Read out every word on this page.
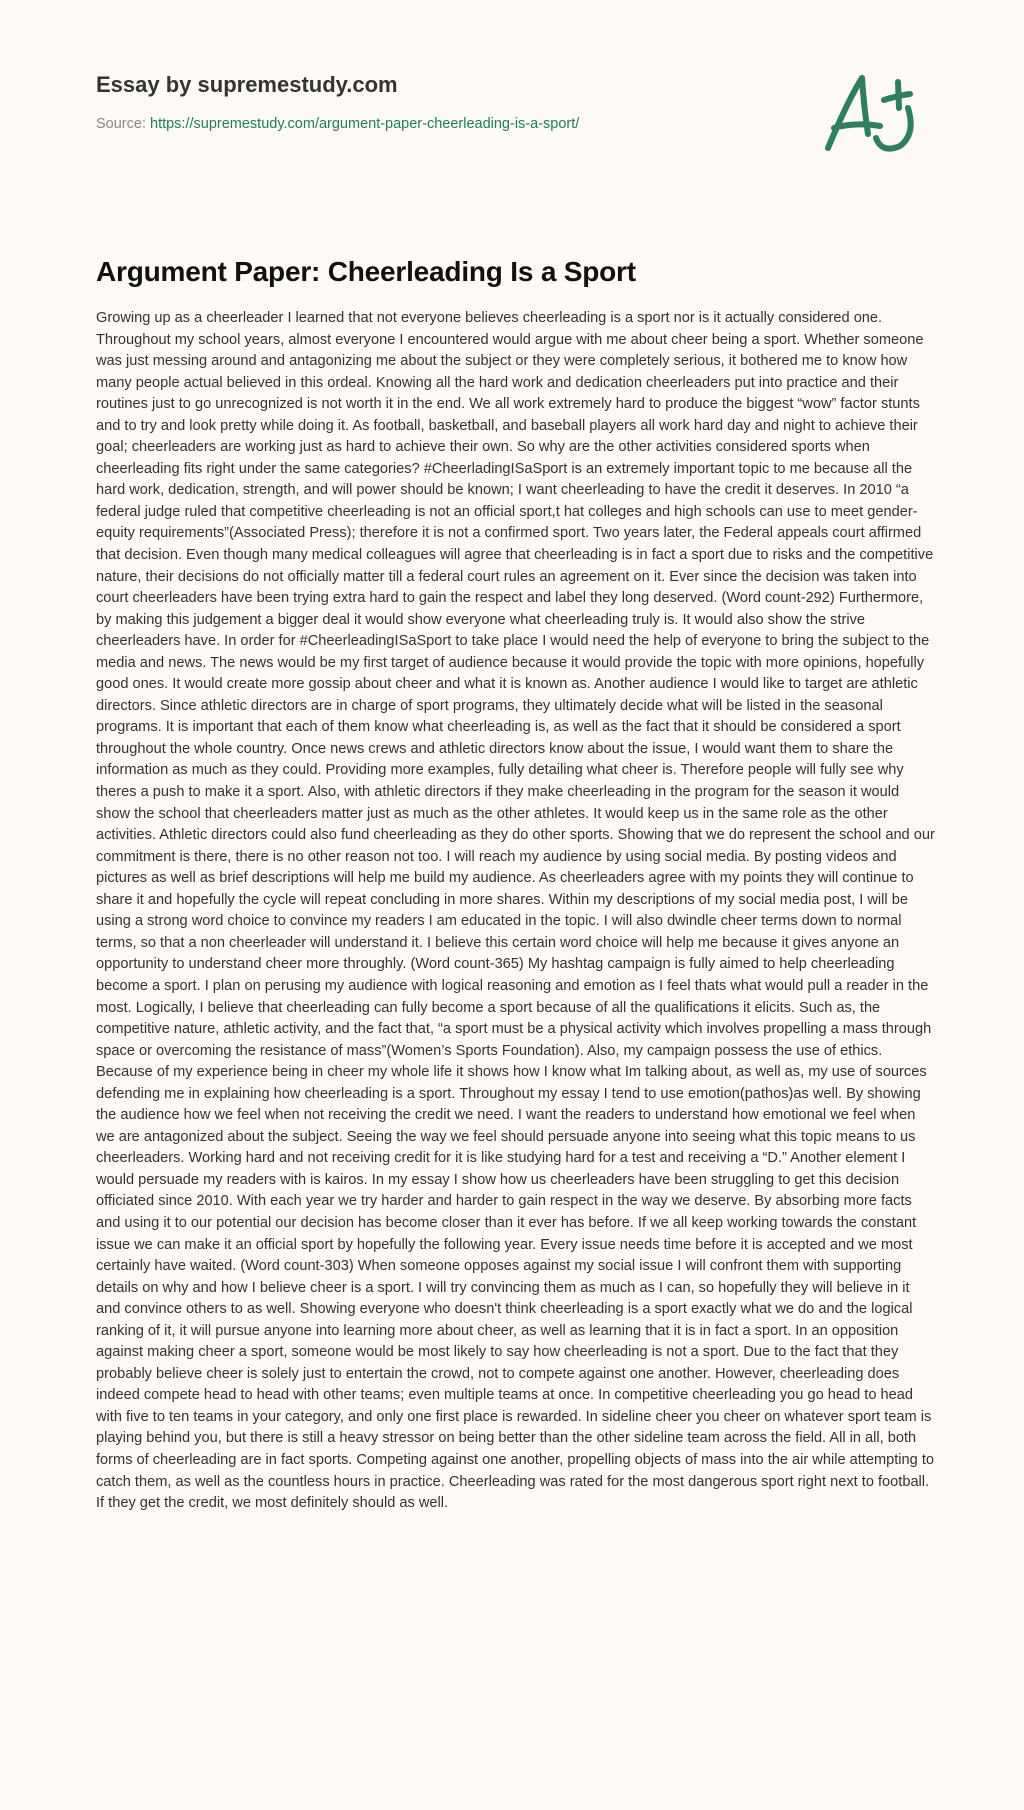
Essay by supremestudy.com
Source: https://supremestudy.com/argument-paper-cheerleading-is-a-sport/
Argument Paper: Cheerleading Is a Sport

Growing up as a cheerleader I learned that not everyone believes cheerleading is a sport nor is it actually considered one. Throughout my school years, almost everyone I encountered would argue with me about cheer being a sport. Whether someone was just messing around and antagonizing me about the subject or they were completely serious, it bothered me to know how many people actual believed in this ordeal. Knowing all the hard work and dedication cheerleaders put into practice and their routines just to go unrecognized is not worth it in the end. We all work extremely hard to produce the biggest “wow” factor stunts and to try and look pretty while doing it. As football, basketball, and baseball players all work hard day and night to achieve their goal; cheerleaders are working just as hard to achieve their own. So why are the other activities considered sports when cheerleading fits right under the same categories? #CheerladingISaSport is an extremely important topic to me because all the hard work, dedication, strength, and will power should be known; I want cheerleading to have the credit it deserves. In 2010 “a federal judge ruled that competitive cheerleading is not an official sport,t hat colleges and high schools can use to meet gender-equity requirements”(Associated Press); therefore it is not a confirmed sport. Two years later, the Federal appeals court affirmed that decision. Even though many medical colleagues will agree that cheerleading is in fact a sport due to risks and the competitive nature, their decisions do not officially matter till a federal court rules an agreement on it. Ever since the decision was taken into court cheerleaders have been trying extra hard to gain the respect and label they long deserved. (Word count-292) Furthermore, by making this judgement a bigger deal it would show everyone what cheerleading truly is. It would also show the strive cheerleaders have. In order for #CheerleadingISaSport to take place I would need the help of everyone to bring the subject to the media and news. The news would be my first target of audience because it would provide the topic with more opinions, hopefully good ones. It would create more gossip about cheer and what it is known as. Another audience I would like to target are athletic directors. Since athletic directors are in charge of sport programs, they ultimately decide what will be listed in the seasonal programs. It is important that each of them know what cheerleading is, as well as the fact that it should be considered a sport throughout the whole country. Once news crews and athletic directors know about the issue, I would want them to share the information as much as they could. Providing more examples, fully detailing what cheer is. Therefore people will fully see why theres a push to make it a sport. Also, with athletic directors if they make cheerleading in the program for the season it would show the school that cheerleaders matter just as much as the other athletes. It would keep us in the same role as the other activities. Athletic directors could also fund cheerleading as they do other sports. Showing that we do represent the school and our commitment is there, there is no other reason not too. I will reach my audience by using social media. By posting videos and pictures as well as brief descriptions will help me build my audience. As cheerleaders agree with my points they will continue to share it and hopefully the cycle will repeat concluding in more shares. Within my descriptions of my social media post, I will be using a strong word choice to convince my readers I am educated in the topic. I will also dwindle cheer terms down to normal terms, so that a non cheerleader will understand it. I believe this certain word choice will help me because it gives anyone an opportunity to understand cheer more throughly. (Word count-365) My hashtag campaign is fully aimed to help cheerleading become a sport. I plan on perusing my audience with logical reasoning and emotion as I feel thats what would pull a reader in the most. Logically, I believe that cheerleading can fully become a sport because of all the qualifications it elicits. Such as, the competitive nature, athletic activity, and the fact that, “a sport must be a physical activity which involves propelling a mass through space or overcoming the resistance of mass”(Women’s Sports Foundation). Also, my campaign possess the use of ethics. Because of my experience being in cheer my whole life it shows how I know what Im talking about, as well as, my use of sources defending me in explaining how cheerleading is a sport. Throughout my essay I tend to use emotion(pathos)as well. By showing the audience how we feel when not receiving the credit we need. I want the readers to understand how emotional we feel when we are antagonized about the subject. Seeing the way we feel should persuade anyone into seeing what this topic means to us cheerleaders. Working hard and not receiving credit for it is like studying hard for a test and receiving a “D.” Another element I would persuade my readers with is kairos. In my essay I show how us cheerleaders have been struggling to get this decision officiated since 2010. With each year we try harder and harder to gain respect in the way we deserve. By absorbing more facts and using it to our potential our decision has become closer than it ever has before. If we all keep working towards the constant issue we can make it an official sport by hopefully the following year. Every issue needs time before it is accepted and we most certainly have waited. (Word count-303) When someone opposes against my social issue I will confront them with supporting details on why and how I believe cheer is a sport. I will try convincing them as much as I can, so hopefully they will believe in it and convince others to as well. Showing everyone who doesn't think cheerleading is a sport exactly what we do and the logical ranking of it, it will pursue anyone into learning more about cheer, as well as learning that it is in fact a sport. In an opposition against making cheer a sport, someone would be most likely to say how cheerleading is not a sport. Due to the fact that they probably believe cheer is solely just to entertain the crowd, not to compete against one another. However, cheerleading does indeed compete head to head with other teams; even multiple teams at once. In competitive cheerleading you go head to head with five to ten teams in your category, and only one first place is rewarded. In sideline cheer you cheer on whatever sport team is playing behind you, but there is still a heavy stressor on being better than the other sideline team across the field. All in all, both forms of cheerleading are in fact sports. Competing against one another, propelling objects of mass into the air while attempting to catch them, as well as the countless hours in practice. Cheerleading was rated for the most dangerous sport right next to football. If they get the credit, we most definitely should as well.
